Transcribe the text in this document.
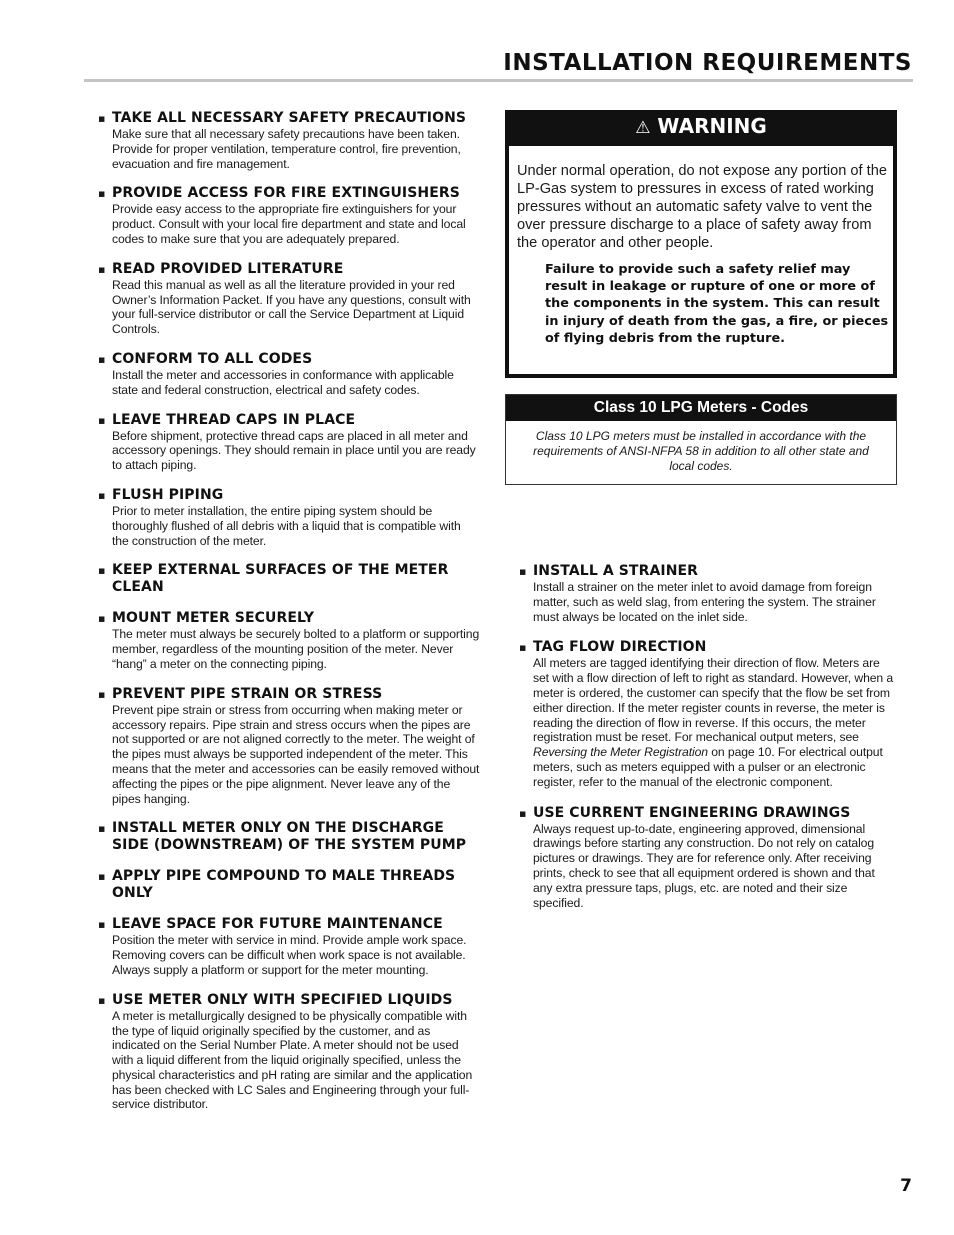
INSTALLATION REQUIREMENTS
▪ TAKE ALL NECESSARY SAFETY PRECAUTIONS
Make sure that all necessary safety precautions have been taken. Provide for proper ventilation, temperature control, fire prevention, evacuation and fire management.
▪ PROVIDE ACCESS FOR FIRE EXTINGUISHERS
Provide easy access to the appropriate fire extinguishers for your product. Consult with your local fire department and state and local codes to make sure that you are adequately prepared.
▪ READ PROVIDED LITERATURE
Read this manual as well as all the literature provided in your red Owner’s Information Packet. If you have any questions, consult with your full-service distributor or call the Service Department at Liquid Controls.
▪ CONFORM TO ALL CODES
Install the meter and accessories in conformance with applicable state and federal construction, electrical and safety codes.
▪ LEAVE THREAD CAPS IN PLACE
Before shipment, protective thread caps are placed in all meter and accessory openings. They should remain in place until you are ready to attach piping.
▪ FLUSH PIPING
Prior to meter installation, the entire piping system should be thoroughly flushed of all debris with a liquid that is compatible with the construction of the meter.
▪ KEEP EXTERNAL SURFACES OF THE METER CLEAN
▪ MOUNT METER SECURELY
The meter must always be securely bolted to a platform or supporting member, regardless of the mounting position of the meter. Never “hang” a meter on the connecting piping.
▪ PREVENT PIPE STRAIN OR STRESS
Prevent pipe strain or stress from occurring when making meter or accessory repairs. Pipe strain and stress occurs when the pipes are not supported or are not aligned correctly to the meter. The weight of the pipes must always be supported independent of the meter. This means that the meter and accessories can be easily removed without affecting the pipes or the pipe alignment. Never leave any of the pipes hanging.
▪ INSTALL METER ONLY ON THE DISCHARGE SIDE (DOWNSTREAM) OF THE SYSTEM PUMP
▪ APPLY PIPE COMPOUND TO MALE THREADS ONLY
▪ LEAVE SPACE FOR FUTURE MAINTENANCE
Position the meter with service in mind. Provide ample work space. Removing covers can be difficult when work space is not available. Always supply a platform or support for the meter mounting.
▪ USE METER ONLY WITH SPECIFIED LIQUIDS
A meter is metallurgically designed to be physically compatible with the type of liquid originally specified by the customer, and as indicated on the Serial Number Plate. A meter should not be used with a liquid different from the liquid originally specified, unless the physical characteristics and pH rating are similar and the application has been checked with LC Sales and Engineering through your full-service distributor.
⚠ WARNING
Under normal operation, do not expose any portion of the LP-Gas system to pressures in excess of rated working pressures without an automatic safety valve to vent the over pressure discharge to a place of safety away from the operator and other people.
Failure to provide such a safety relief may result in leakage or rupture of one or more of the components in the system. This can result in injury of death from the gas, a fire, or pieces of flying debris from the rupture.
Class 10 LPG Meters - Codes
Class 10 LPG meters must be installed in accordance with the requirements of ANSI-NFPA 58 in addition to all other state and local codes.
▪ INSTALL A STRAINER
Install a strainer on the meter inlet to avoid damage from foreign matter, such as weld slag, from entering the system. The strainer must always be located on the inlet side.
▪ TAG FLOW DIRECTION
All meters are tagged identifying their direction of flow. Meters are set with a flow direction of left to right as standard. However, when a meter is ordered, the customer can specify that the flow be set from either direction. If the meter register counts in reverse, the meter is reading the direction of flow in reverse. If this occurs, the meter registration must be reset. For mechanical output meters, see Reversing the Meter Registration on page 10. For electrical output meters, such as meters equipped with a pulser or an electronic register, refer to the manual of the electronic component.
▪ USE CURRENT ENGINEERING DRAWINGS
Always request up-to-date, engineering approved, dimensional drawings before starting any construction. Do not rely on catalog pictures or drawings. They are for reference only. After receiving prints, check to see that all equipment ordered is shown and that any extra pressure taps, plugs, etc. are noted and their size specified.
7
